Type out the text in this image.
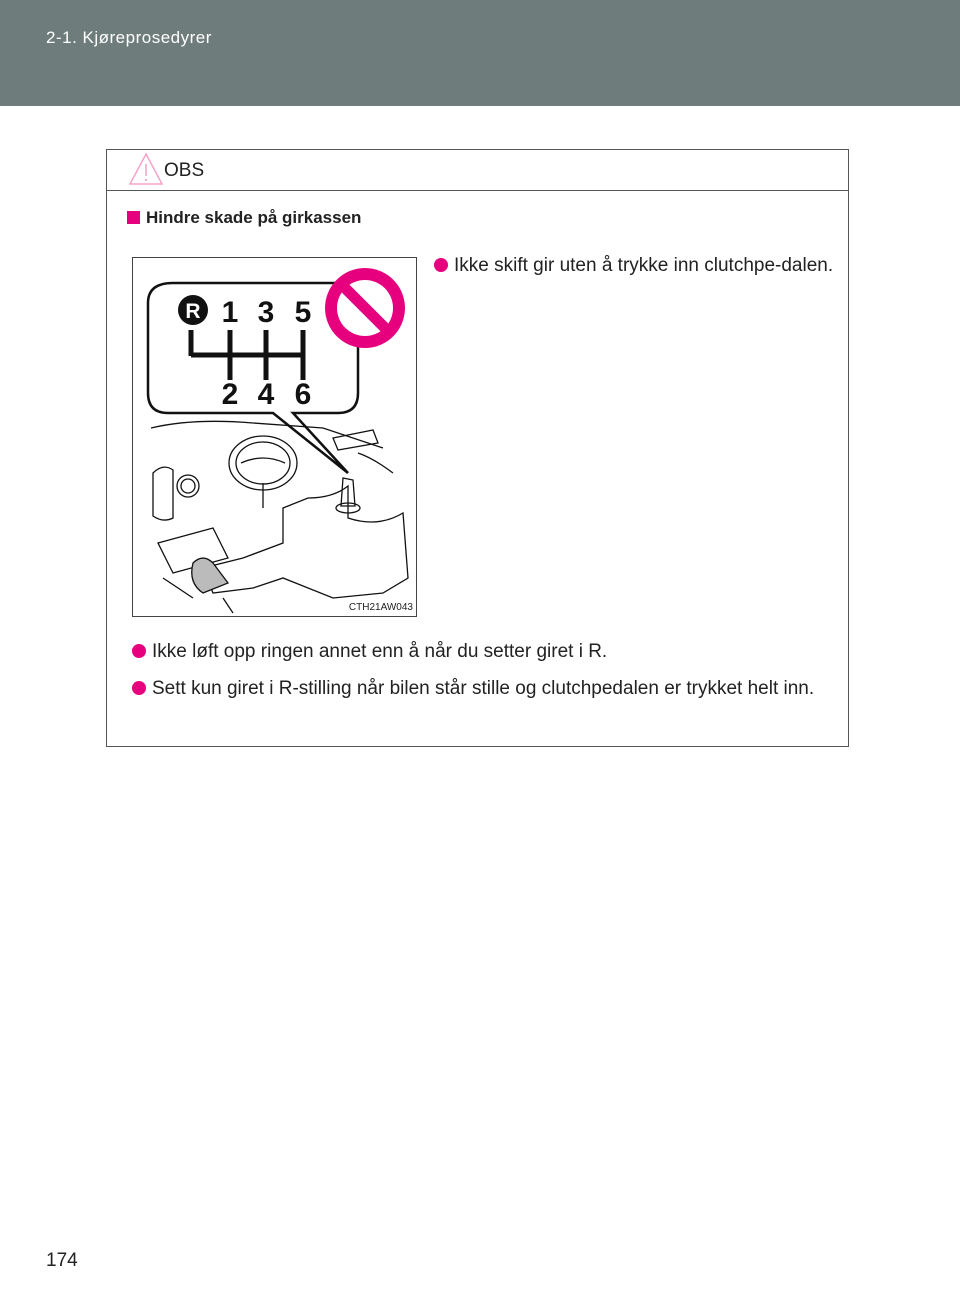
2-1. Kjøreprosedyrer
OBS
Hindre skade på girkassen
R 1 3 5
2 4 6
CTH21AW043
Ikke skift gir uten å trykke inn clutchpe-dalen.
Ikke løft opp ringen annet enn å når du setter giret i R.
Sett kun giret i R-stilling når bilen står stille og clutchpedalen er trykket helt inn.
174
